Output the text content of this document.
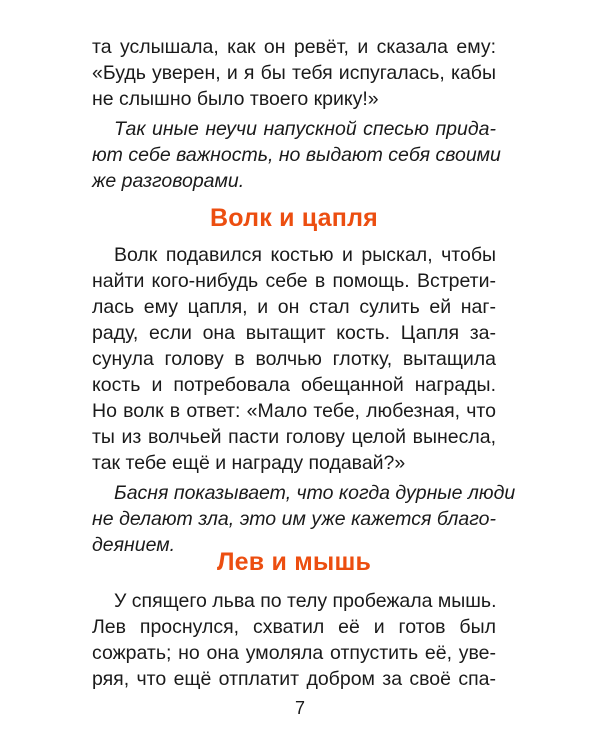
та услышала, как он ревёт, и сказала ему:
«Будь уверен, и я бы тебя испугалась, кабы
не слышно было твоего крику!»
Так иные неучи напускной спесью прида-
ют себе важность, но выдают себя своими
же разговорами.
Волк и цапля
Волк подавился костью и рыскал, чтобы
найти кого-нибудь себе в помощь. Встрети-
лась ему цапля, и он стал сулить ей наг-
раду, если она вытащит кость. Цапля за-
сунула голову в волчью глотку, вытащила
кость и потребовала обещанной награды.
Но волк в ответ: «Мало тебе, любезная, что
ты из волчьей пасти голову целой вынесла,
так тебе ещё и награду подавай?»
Басня показывает, что когда дурные люди
не делают зла, это им уже кажется благо-
деянием.
Лев и мышь
У спящего льва по телу пробежала мышь.
Лев проснулся, схватил её и готов был
сожрать; но она умоляла отпустить её, уве-
ряя, что ещё отплатит добром за своё спа-
7
